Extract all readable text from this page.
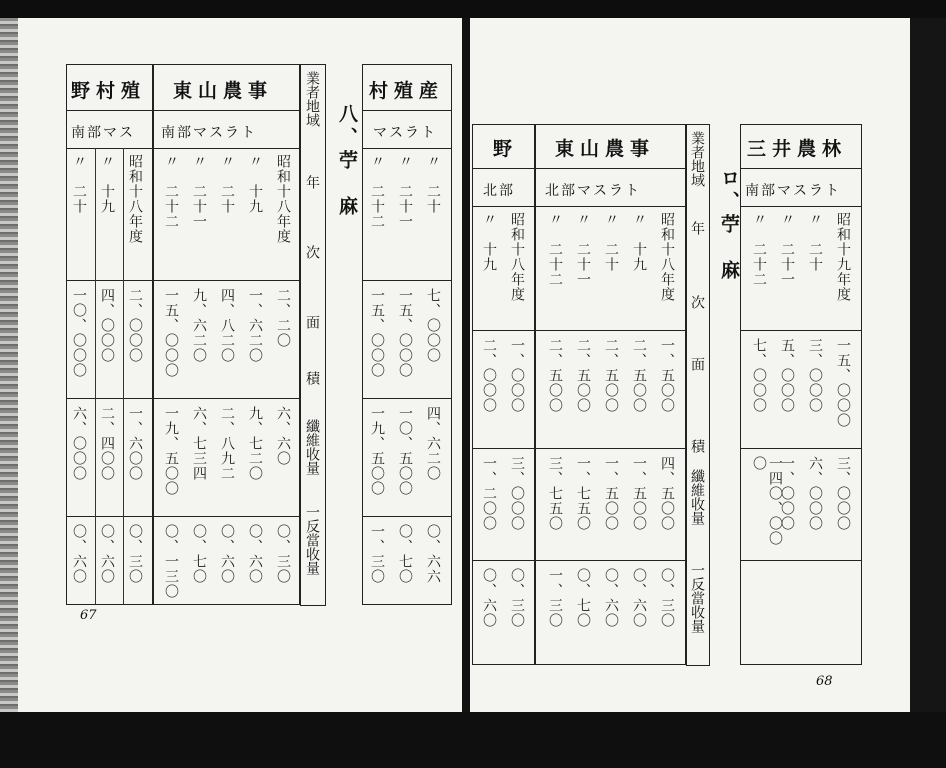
野村殖
南部マス
昭和十八年度
〃　十九
〃　二十
二、〇〇〇
四、〇〇〇
一〇、〇〇〇
一、六〇〇
二、四〇〇
六、〇〇〇
〇、三〇
〇、六〇
〇、六〇
東山農事
南部マスラト
昭和十八年度
〃　十九
〃　二十
〃　二十一
〃　二十二
二、二〇
一、六二〇
四、八二〇
九、六二〇
一五、〇〇〇
六、六〇
九、七二〇
二、八九二
六、七三四
一九、五〇〇
〇、三〇
〇、六〇
〇、六〇
〇、七〇
〇、一三〇
業者地域
年
次
面
積
纖維收量
一反當收量
八、苧　麻
村殖産
マスラト
〃　二十
〃　二十一
〃　二十二
七、〇〇〇
一五、〇〇〇
一五、〇〇〇
四、六二〇
一〇、五〇〇
一九、五〇〇
〇、六六
〇、七〇
一、三〇
67
野
北部
昭和十八年度
〃　十九
一、〇〇〇
二、〇〇〇
三、〇〇〇
一、二〇〇
〇、三〇
〇、六〇
東山農事
北部マスラト
昭和十八年度
〃　十九
〃　二十
〃　二十一
〃　二十二
一、五〇〇
二、五〇〇
二、五〇〇
二、五〇〇
二、五〇〇
四、五〇〇
一、五〇〇
一、五〇〇
一、七五〇
三、七五〇
〇、三〇
〇、六〇
〇、六〇
〇、七〇
一、三〇
業者地域
年
次
面
積
纖維收量
一反當收量
ロ、苧　麻
三井農林
南部マスラト
昭和十九年度
〃　二十
〃　二十一
〃　二十二
一五、〇〇〇
三、〇〇〇
五、〇〇〇
七、〇〇〇
三、〇〇〇
六、〇〇〇
一、〇〇〇
一四〇、〇〇〇
68
